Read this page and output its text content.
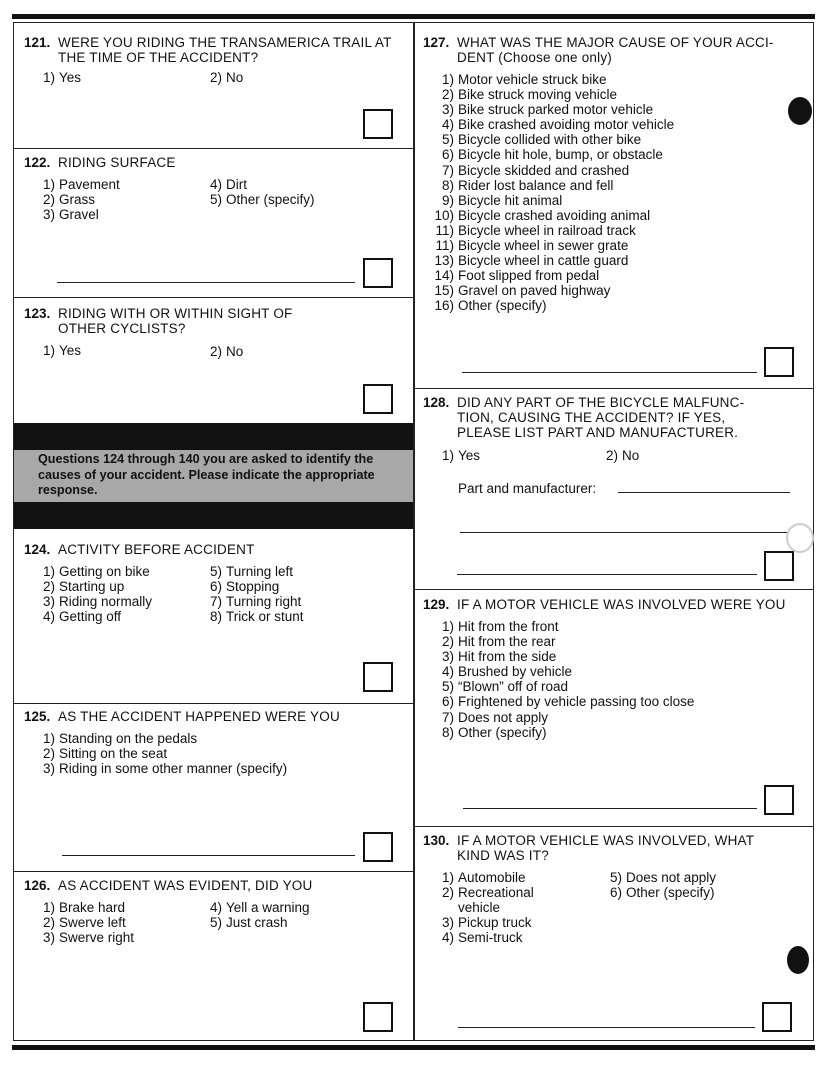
121. WERE YOU RIDING THE TRANSAMERICA TRAIL AT THE TIME OF THE ACCIDENT?
1) Yes	2) No
122. RIDING SURFACE
1) Pavement
2) Grass
3) Gravel
4) Dirt
5) Other (specify)
123. RIDING WITH OR WITHIN SIGHT OF OTHER CYCLISTS?
1) Yes	2) No
Questions 124 through 140 you are asked to identify the causes of your accident. Please indicate the appropriate response.
124. ACTIVITY BEFORE ACCIDENT
1) Getting on bike
2) Starting up
3) Riding normally
4) Getting off
5) Turning left
6) Stopping
7) Turning right
8) Trick or stunt
125. AS THE ACCIDENT HAPPENED WERE YOU
1) Standing on the pedals
2) Sitting on the seat
3) Riding in some other manner (specify)
126. AS ACCIDENT WAS EVIDENT, DID YOU
1) Brake hard
2) Swerve left
3) Swerve right
4) Yell a warning
5) Just crash
127. WHAT WAS THE MAJOR CAUSE OF YOUR ACCI- DENT (Choose one only)
1) Motor vehicle struck bike
2) Bike struck moving vehicle
3) Bike struck parked motor vehicle
4) Bike crashed avoiding motor vehicle
5) Bicycle collided with other bike
6) Bicycle hit hole, bump, or obstacle
7) Bicycle skidded and crashed
8) Rider lost balance and fell
9) Bicycle hit animal
10) Bicycle crashed avoiding animal
11) Bicycle wheel in railroad track
11) Bicycle wheel in sewer grate
13) Bicycle wheel in cattle guard
14) Foot slipped from pedal
15) Gravel on paved highway
16) Other (specify)
128. DID ANY PART OF THE BICYCLE MALFUNC- TION, CAUSING THE ACCIDENT? IF YES, PLEASE LIST PART AND MANUFACTURER.
1) Yes	2) No
Part and manufacturer:
129. IF A MOTOR VEHICLE WAS INVOLVED WERE YOU
1) Hit from the front
2) Hit from the rear
3) Hit from the side
4) Brushed by vehicle
5) “Blown” off of road
6) Frightened by vehicle passing too close
7) Does not apply
8) Other (specify)
130. IF A MOTOR VEHICLE WAS INVOLVED, WHAT KIND WAS IT?
1) Automobile
2) Recreational
vehicle
3) Pickup truck
4) Semi-truck
5) Does not apply
6) Other (specify)
